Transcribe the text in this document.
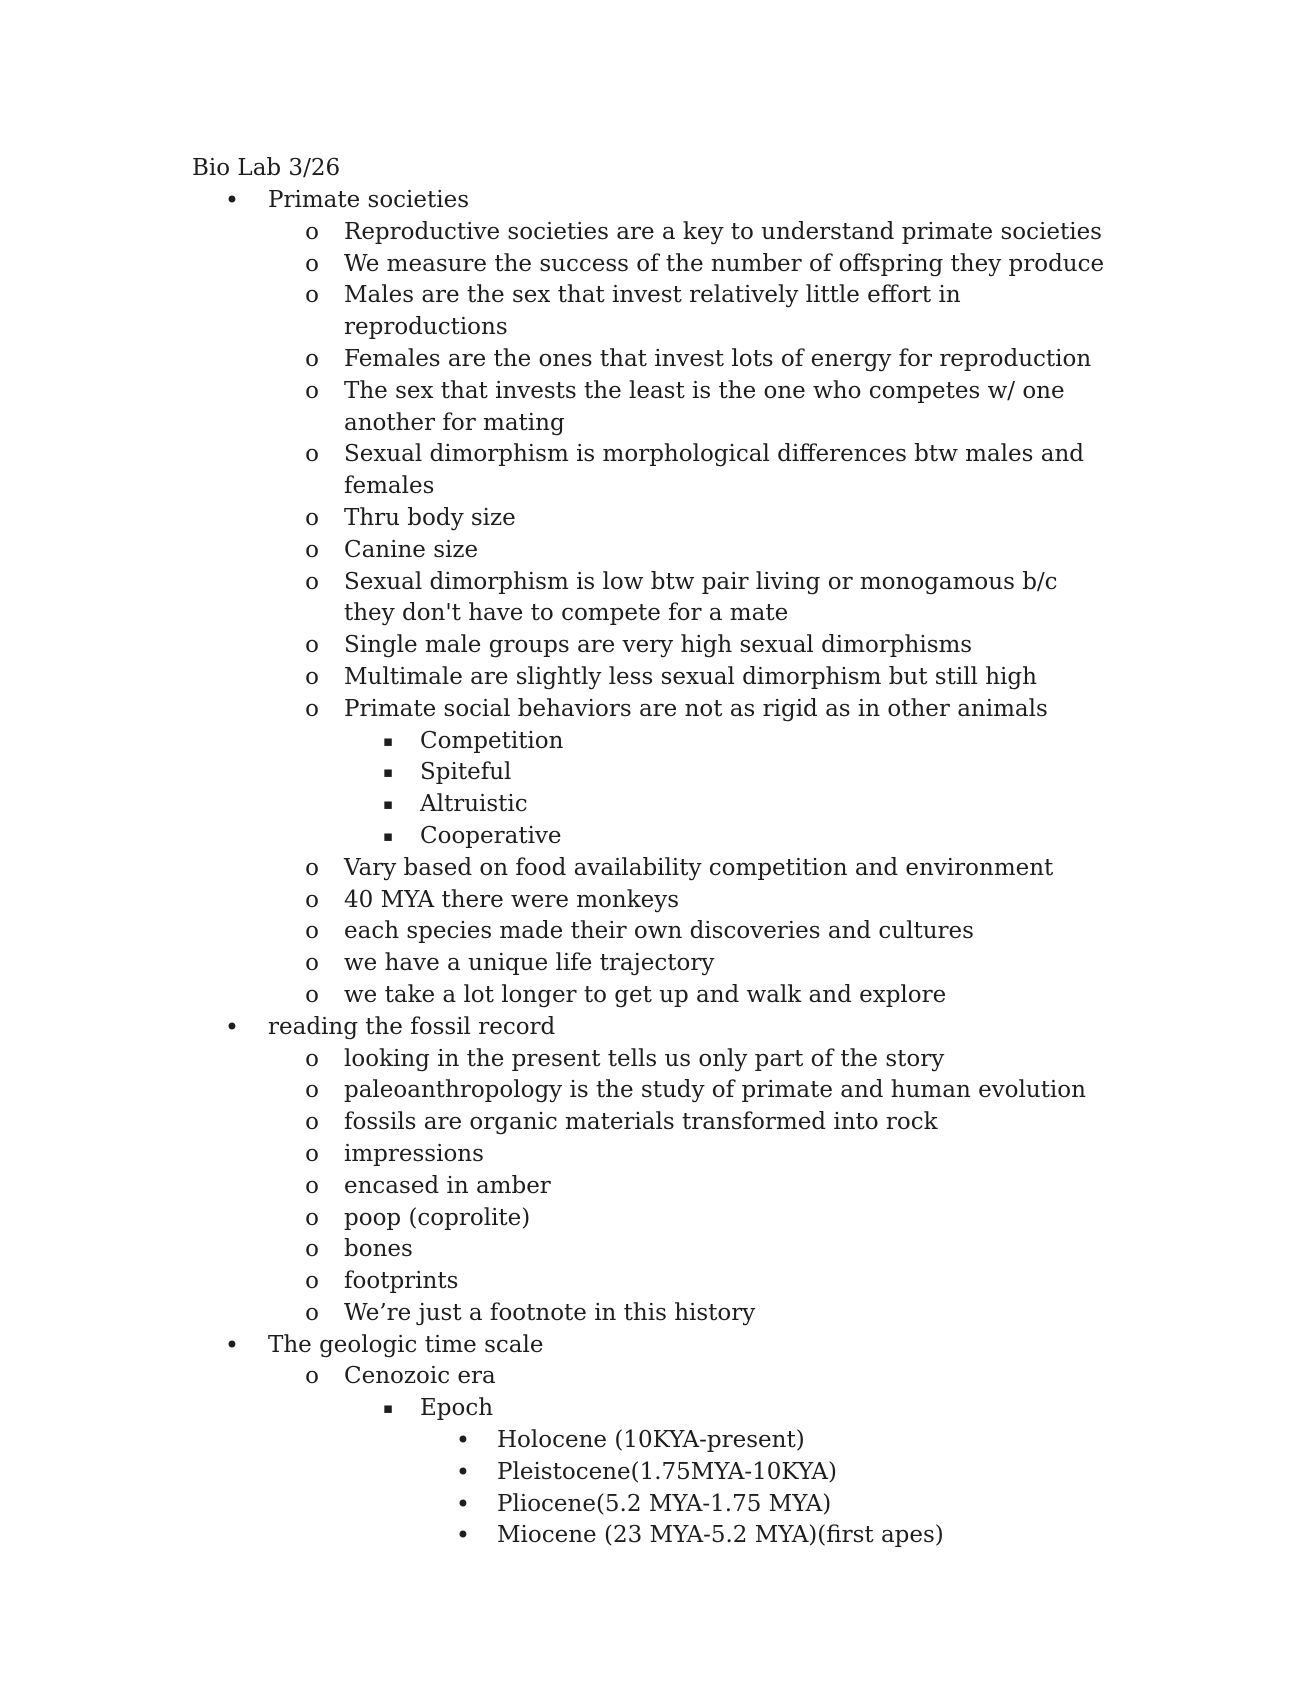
Bio Lab 3/26
• Primate societies
o Reproductive societies are a key to understand primate societies
o We measure the success of the number of offspring they produce
o Males are the sex that invest relatively little effort in reproductions
o Females are the ones that invest lots of energy for reproduction
o The sex that invests the least is the one who competes w/ one another for mating
o Sexual dimorphism is morphological differences btw males and females
o Thru body size
o Canine size
o Sexual dimorphism is low btw pair living or monogamous b/c they don't have to compete for a mate
o Single male groups are very high sexual dimorphisms
o Multimale are slightly less sexual dimorphism but still high
o Primate social behaviors are not as rigid as in other animals
▪ Competition
▪ Spiteful
▪ Altruistic
▪ Cooperative
o Vary based on food availability competition and environment
o 40 MYA there were monkeys
o each species made their own discoveries and cultures
o we have a unique life trajectory
o we take a lot longer to get up and walk and explore
• reading the fossil record
o looking in the present tells us only part of the story
o paleoanthropology is the study of primate and human evolution
o fossils are organic materials transformed into rock
o impressions
o encased in amber
o poop (coprolite)
o bones
o footprints
o We’re just a footnote in this history
• The geologic time scale
o Cenozoic era
▪ Epoch
• Holocene (10KYA-present)
• Pleistocene(1.75MYA-10KYA)
• Pliocene(5.2 MYA-1.75 MYA)
• Miocene (23 MYA-5.2 MYA)(first apes)
